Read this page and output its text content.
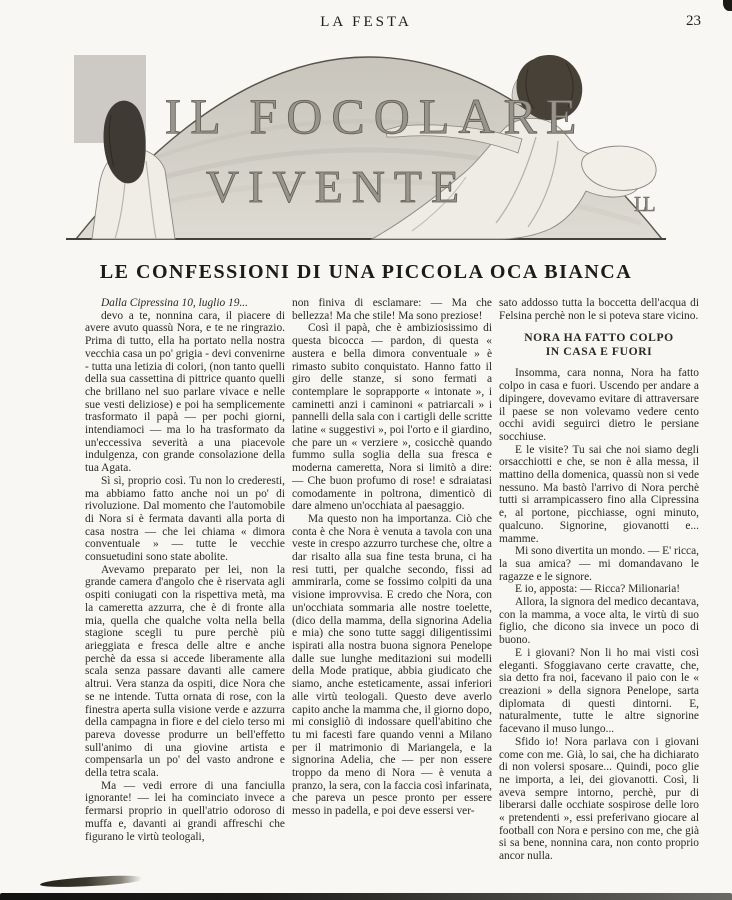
LA FESTA	23
IL FOCOLARE
VIVENTE	LL
LE CONFESSIONI DI UNA PICCOLA OCA BIANCA

Dalla Cipressina 10, luglio 19...

devo a te, nonnina cara, il piacere di avere avuto quassù Nora, e te ne ringrazio. Prima di tutto, ella ha portato nella nostra vecchia casa un po' grigia - devi convenirne - tutta una letizia di colori, (non tanto quelli della sua cassettina di pittrice quanto quelli che brillano nel suo parlare vivace e nelle sue vesti deliziose) e poi ha semplicemente trasformato il papà — per pochi giorni, intendiamoci — ma lo ha trasformato da un'eccessiva severità a una piacevole indulgenza, con grande consolazione della tua Agata.

Sì sì, proprio così. Tu non lo crederesti, ma abbiamo fatto anche noi un po' di rivoluzione. Dal momento che l'automobile di Nora si è fermata davanti alla porta di casa nostra — che lei chiama « dimora conventuale » — tutte le vecchie consuetudini sono state abolite.

Avevamo preparato per lei, non la grande camera d'angolo che è riservata agli ospiti coniugati con la rispettiva metà, ma la cameretta azzurra, che è di fronte alla mia, quella che qualche volta nella bella stagione scegli tu pure perchè più arieggiata e fresca delle altre e anche perchè da essa si accede liberamente alla scala senza passare davanti alle camere altrui. Vera stanza da ospiti, dice Nora che se ne intende. Tutta ornata di rose, con la finestra aperta sulla visione verde e azzurra della campagna in fiore e del cielo terso mi pareva dovesse produrre un bell'effetto sull'animo di una giovine artista e compensarla un po' del vasto androne e della tetra scala.

Ma — vedi errore di una fanciulla ignorante! — lei ha cominciato invece a fermarsi proprio in quell'atrio odoroso di muffa e, davanti ai grandi affreschi che figurano le virtù teologali,

non finiva di esclamare: — Ma che bellezza! Ma che stile! Ma sono preziose!

Così il papà, che è ambiziosissimo di questa bicocca — pardon, di questa « austera e bella dimora conventuale » è rimasto subito conquistato. Hanno fatto il giro delle stanze, si sono fermati a contemplare le soprapporte « intonate », i caminetti anzi i caminoni « patriarcali » i pannelli della sala con i cartigli delle scritte latine « suggestivi », poi l'orto e il giardino, che pare un « verziere », cosicchè quando fummo sulla soglia della sua fresca e moderna cameretta, Nora si limitò a dire: — Che buon profumo di rose! e sdraiatasi comodamente in poltrona, dimenticò di dare almeno un'occhiata al paesaggio.

Ma questo non ha importanza. Ciò che conta è che Nora è venuta a tavola con una veste in crespo azzurro turchese che, oltre a dar risalto alla sua fine testa bruna, ci ha resi tutti, per qualche secondo, fissi ad ammirarla, come se fossimo colpiti da una visione improvvisa. E credo che Nora, con un'occhiata sommaria alle nostre toelette, (dico della mamma, della signorina Adelia e mia) che sono tutte saggi diligentissimi ispirati alla nostra buona signora Penelope dalle sue lunghe meditazioni sui modelli della Mode pratique, abbia giudicato che siamo, anche esteticamente, assai inferiori alle virtù teologali. Questo deve averlo capito anche la mamma che, il giorno dopo, mi consigliò di indossare quell'abitino che tu mi facesti fare quando venni a Milano per il matrimonio di Mariangela, e la signorina Adelia, che — per non essere troppo da meno di Nora — è venuta a pranzo, la sera, con la faccia così infarinata, che pareva un pesce pronto per essere messo in padella, e poi deve essersi ver-

sato addosso tutta la boccetta dell'acqua di Felsina perchè non le si poteva stare vicino.

NORA HA FATTO COLPO
IN CASA E FUORI

Insomma, cara nonna, Nora ha fatto colpo in casa e fuori. Uscendo per andare a dipingere, dovevamo evitare di attraversare il paese se non volevamo vedere cento occhi avidi seguirci dietro le persiane socchiuse.

E le visite? Tu sai che noi siamo degli orsacchiotti e che, se non è alla messa, il mattino della domenica, quassù non si vede nessuno. Ma bastò l'arrivo di Nora perchè tutti si arrampicassero fino alla Cipressina e, al portone, picchiasse, ogni minuto, qualcuno. Signorine, giovanotti e... mamme.

Mi sono divertita un mondo. — E' ricca, la sua amica? — mi domandavano le ragazze e le signore.

E io, apposta: — Ricca? Milionaria!

Allora, la signora del medico decantava, con la mamma, a voce alta, le virtù di suo figlio, che dicono sia invece un poco di buono.

E i giovani? Non li ho mai visti così eleganti. Sfoggiavano certe cravatte, che, sia detto fra noi, facevano il paio con le « creazioni » della signora Penelope, sarta diplomata di questi dintorni. E, naturalmente, tutte le altre signorine facevano il muso lungo...

Sfido io! Nora parlava con i giovani come con me. Già, lo sai, che ha dichiarato di non volersi sposare... Quindi, poco glie ne importa, a lei, dei giovanotti. Così, li aveva sempre intorno, perchè, pur di liberarsi dalle occhiate sospirose delle loro « pretendenti », essi preferivano giocare al football con Nora e persino con me, che già si sa bene, nonnina cara, non conto proprio ancor nulla.
